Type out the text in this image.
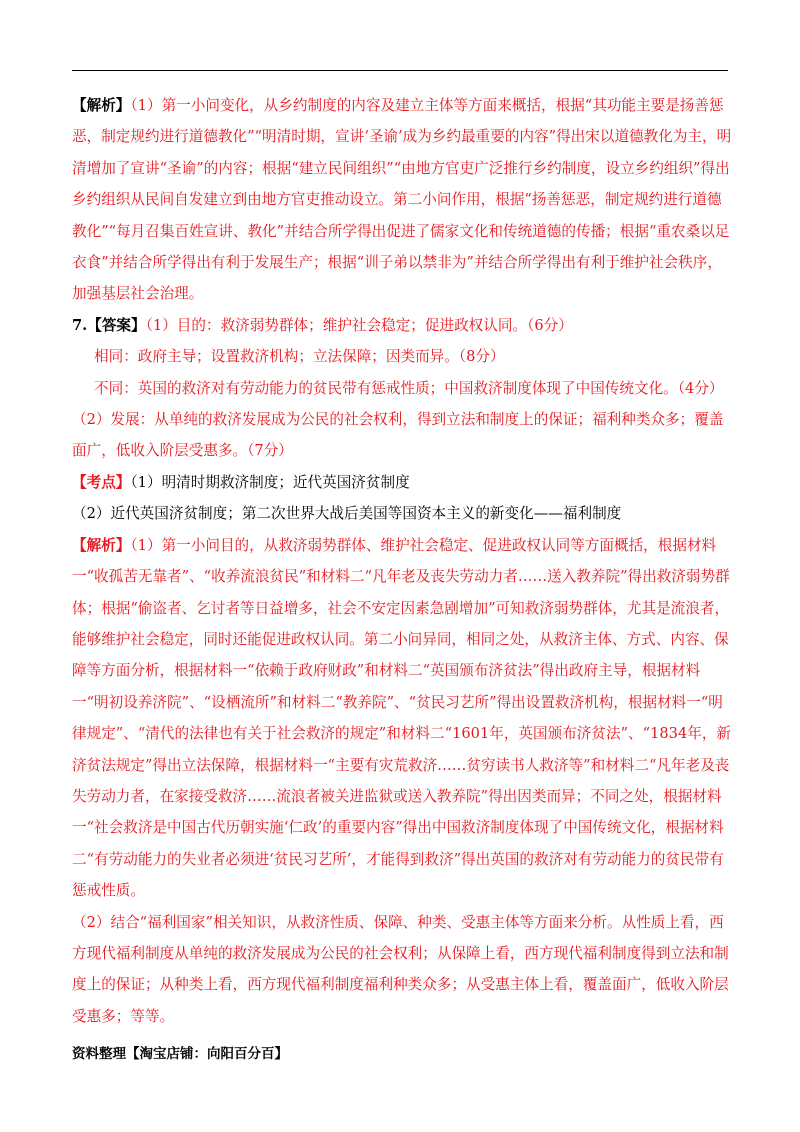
【解析】（1）第一小问变化，从乡约制度的内容及建立主体等方面来概括，根据“其功能主要是扬善惩恶，制定规约进行道德教化”“明清时期，宣讲‘圣谕’成为乡约最重要的内容”得出宋以道德教化为主，明清增加了宣讲“圣谕”的内容；根据“建立民间组织”“由地方官吏广泛推行乡约制度，设立乡约组织”得出乡约组织从民间自发建立到由地方官吏推动设立。第二小问作用，根据“扬善惩恶，制定规约进行道德教化”“每月召集百姓宣讲、教化”并结合所学得出促进了儒家文化和传统道德的传播；根据“重农桑以足衣食”并结合所学得出有利于发展生产；根据“训子弟以禁非为”并结合所学得出有利于维护社会秩序，加强基层社会治理。

7.【答案】（1）目的：救济弱势群体；维护社会稳定；促进政权认同。（6分）

相同：政府主导；设置救济机构；立法保障；因类而异。（8分）

不同：英国的救济对有劳动能力的贫民带有惩戒性质；中国救济制度体现了中国传统文化。（4分）

（2）发展：从单纯的救济发展成为公民的社会权利，得到立法和制度上的保证；福利种类众多；覆盖面广，低收入阶层受惠多。（7分）

【考点】（1）明清时期救济制度；近代英国济贫制度

（2）近代英国济贫制度；第二次世界大战后美国等国资本主义的新变化——福利制度

【解析】（1）第一小问目的，从救济弱势群体、维护社会稳定、促进政权认同等方面概括，根据材料一“收孤苦无靠者”、“收养流浪贫民”和材料二“凡年老及丧失劳动力者……送入教养院”得出救济弱势群体；根据“偷盗者、乞讨者等日益增多，社会不安定因素急剧增加”可知救济弱势群体，尤其是流浪者，能够维护社会稳定，同时还能促进政权认同。第二小问异同，相同之处，从救济主体、方式、内容、保障等方面分析，根据材料一“依赖于政府财政”和材料二“英国颁布济贫法”得出政府主导，根据材料一“明初设养济院”、“设栖流所”和材料二“教养院”、“贫民习艺所”得出设置救济机构，根据材料一“明律规定”、“清代的法律也有关于社会救济的规定”和材料二“1601年，英国颁布济贫法”、“1834年，新济贫法规定”得出立法保障，根据材料一“主要有灾荒救济……贫穷读书人救济等”和材料二“凡年老及丧失劳动力者，在家接受救济……流浪者被关进监狱或送入教养院”得出因类而异；不同之处，根据材料一“社会救济是中国古代历朝实施‘仁政’的重要内容”得出中国救济制度体现了中国传统文化，根据材料二“有劳动能力的失业者必须进‘贫民习艺所’，才能得到救济”得出英国的救济对有劳动能力的贫民带有惩戒性质。

（2）结合“福利国家”相关知识，从救济性质、保障、种类、受惠主体等方面来分析。从性质上看，西方现代福利制度从单纯的救济发展成为公民的社会权利；从保障上看，西方现代福利制度得到立法和制度上的保证；从种类上看，西方现代福利制度福利种类众多；从受惠主体上看，覆盖面广，低收入阶层受惠多；等等。

资料整理【淘宝店铺：向阳百分百】
